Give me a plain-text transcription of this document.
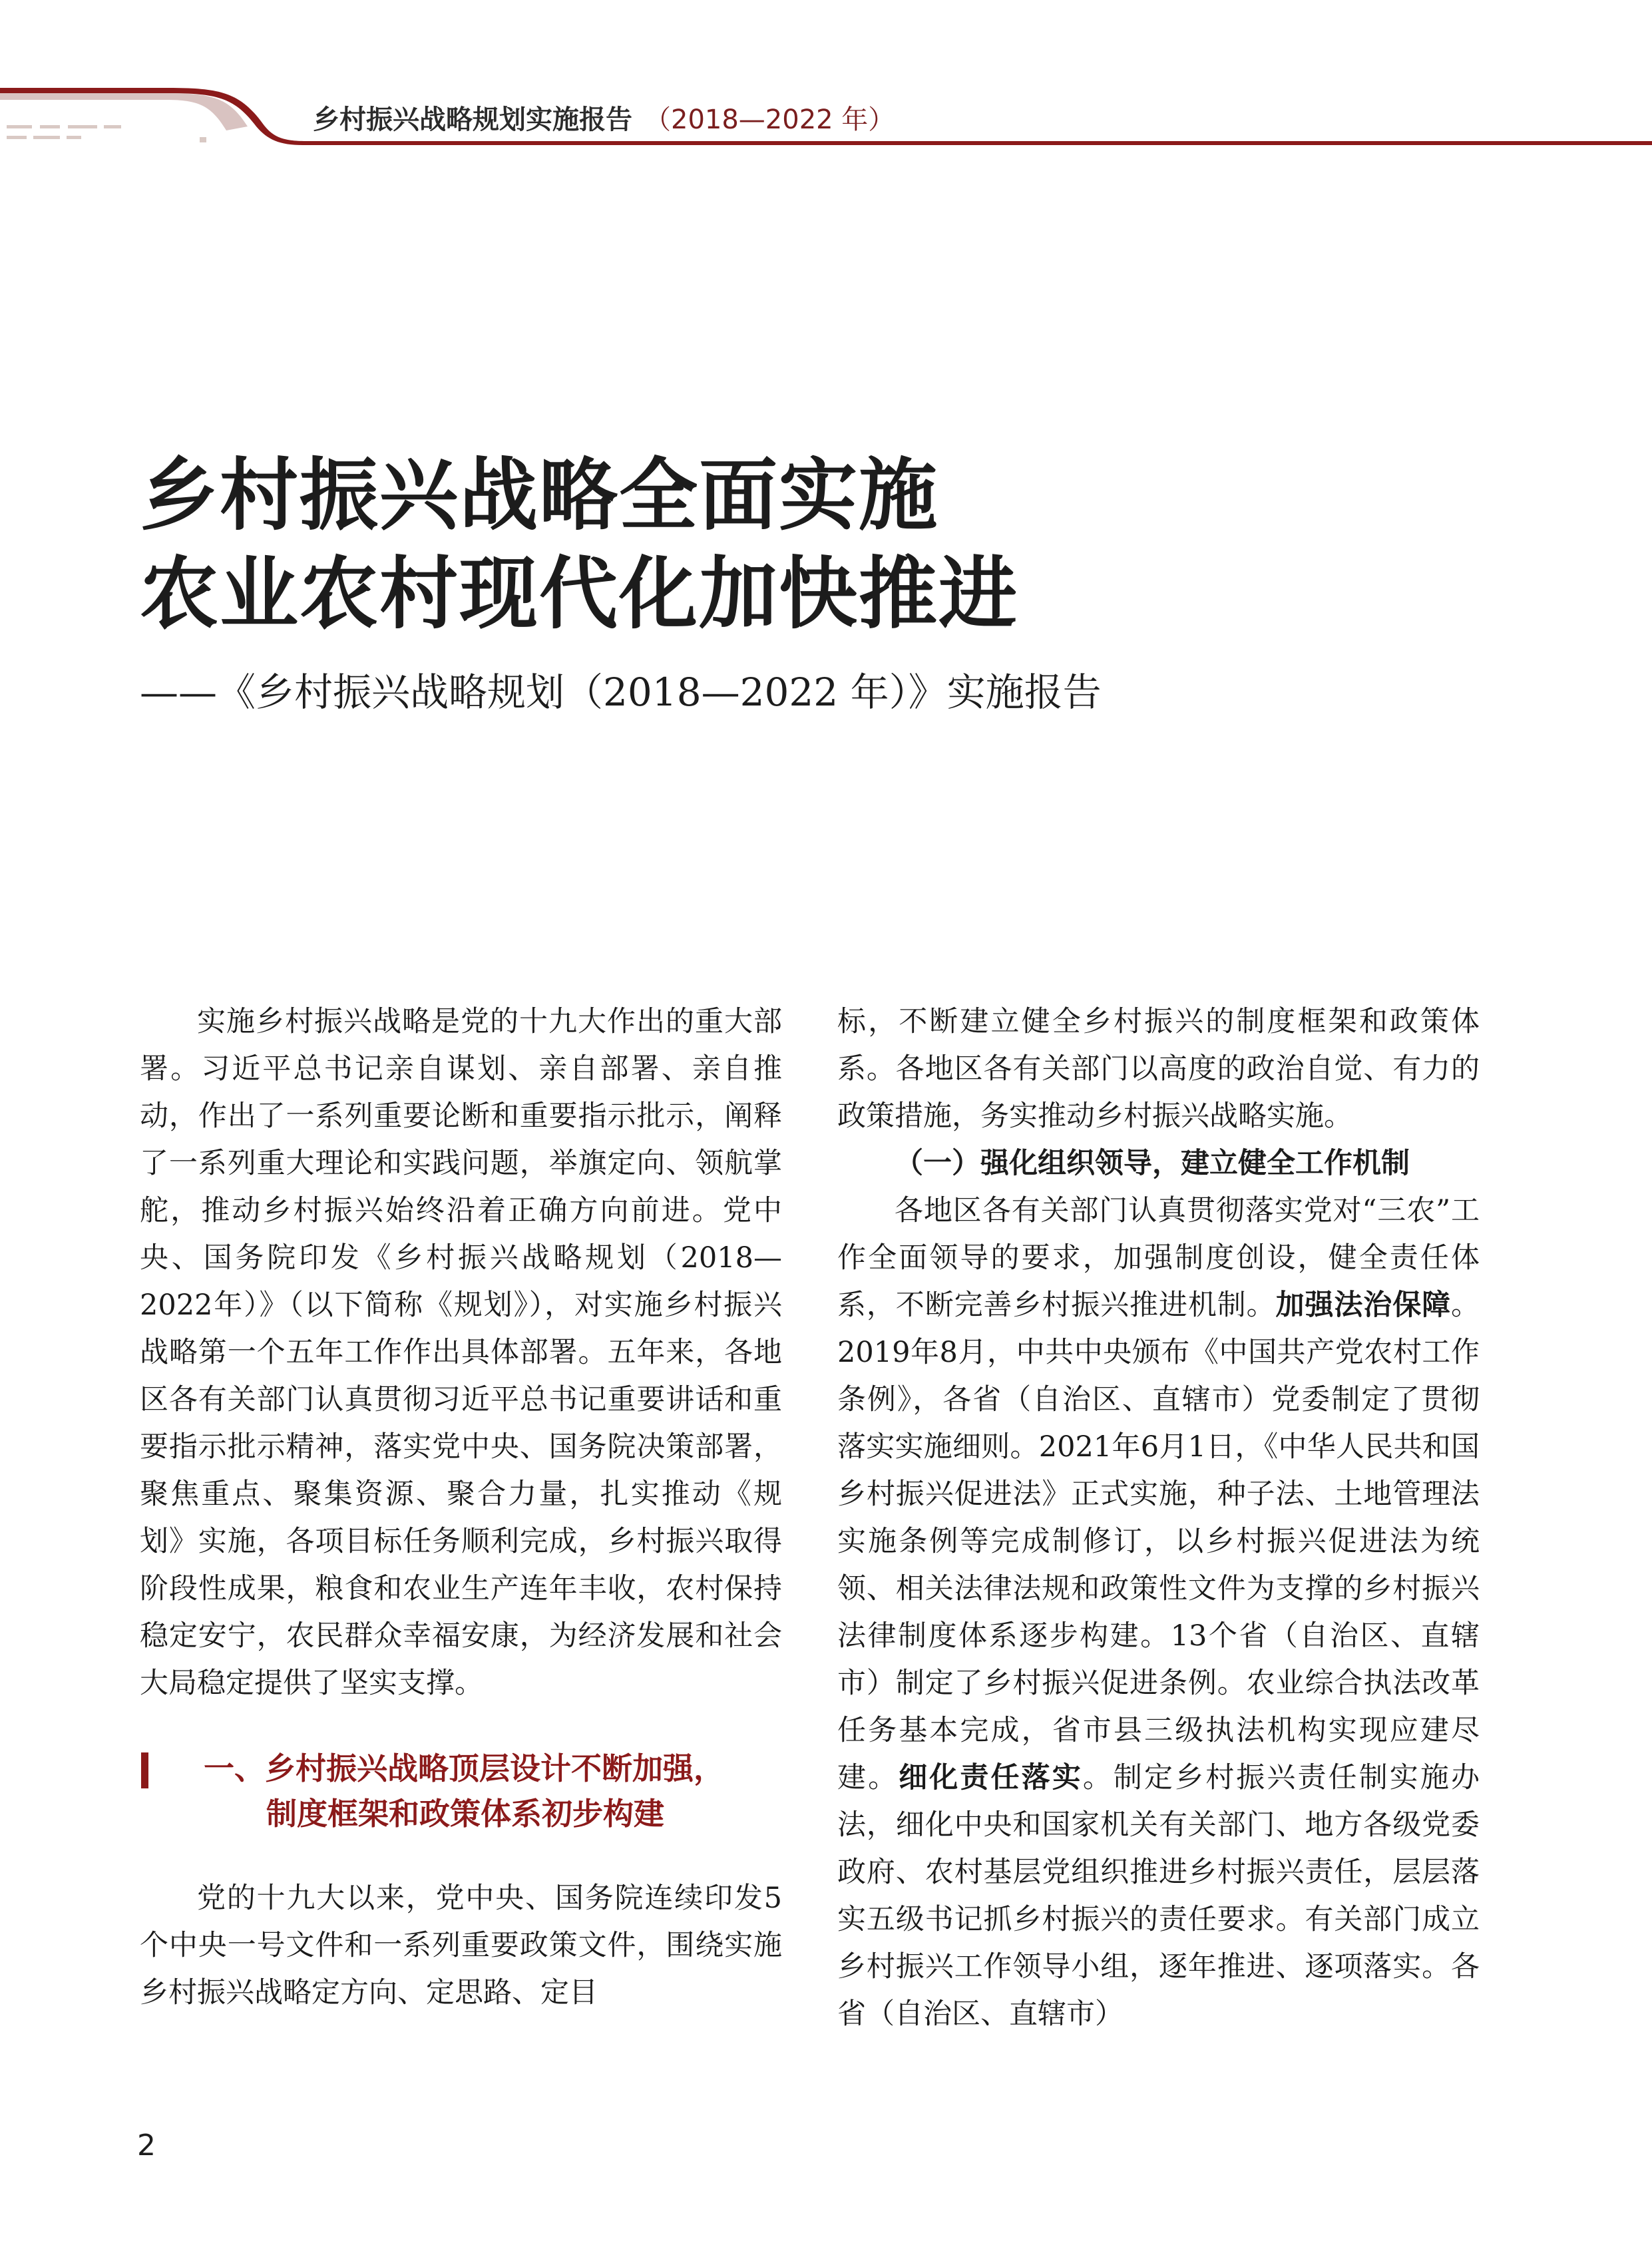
乡村振兴战略规划实施报告 （2018—2022 年）
乡村振兴战略全面实施
农业农村现代化加快推进
——《乡村振兴战略规划（2018—2022 年）》实施报告

实施乡村振兴战略是党的十九大作出的重大部署。习近平总书记亲自谋划、亲自部署、亲自推动，作出了一系列重要论断和重要指示批示，阐释了一系列重大理论和实践问题，举旗定向、领航掌舵，推动乡村振兴始终沿着正确方向前进。党中央、国务院印发《乡村振兴战略规划（2018—2022年）》（以下简称《规划》），对实施乡村振兴战略第一个五年工作作出具体部署。五年来，各地区各有关部门认真贯彻习近平总书记重要讲话和重要指示批示精神，落实党中央、国务院决策部署，聚焦重点、聚集资源、聚合力量，扎实推动《规划》实施，各项目标任务顺利完成，乡村振兴取得阶段性成果，粮食和农业生产连年丰收，农村保持稳定安宁，农民群众幸福安康，为经济发展和社会大局稳定提供了坚实支撑。

一、乡村振兴战略顶层设计不断加强，
制度框架和政策体系初步构建

党的十九大以来，党中央、国务院连续印发5个中央一号文件和一系列重要政策文件，围绕实施乡村振兴战略定方向、定思路、定目

标，不断建立健全乡村振兴的制度框架和政策体系。各地区各有关部门以高度的政治自觉、有力的政策措施，务实推动乡村振兴战略实施。

（一）强化组织领导，建立健全工作机制

各地区各有关部门认真贯彻落实党对“三农”工作全面领导的要求，加强制度创设，健全责任体系，不断完善乡村振兴推进机制。加强法治保障。2019年8月，中共中央颁布《中国共产党农村工作条例》，各省（自治区、直辖市）党委制定了贯彻落实实施细则。2021年6月1日，《中华人民共和国乡村振兴促进法》正式实施，种子法、土地管理法实施条例等完成制修订，以乡村振兴促进法为统领、相关法律法规和政策性文件为支撑的乡村振兴法律制度体系逐步构建。13个省（自治区、直辖市）制定了乡村振兴促进条例。农业综合执法改革任务基本完成，省市县三级执法机构实现应建尽建。细化责任落实。制定乡村振兴责任制实施办法，细化中央和国家机关有关部门、地方各级党委政府、农村基层党组织推进乡村振兴责任，层层落实五级书记抓乡村振兴的责任要求。有关部门成立乡村振兴工作领导小组，逐年推进、逐项落实。各省（自治区、直辖市）

2
